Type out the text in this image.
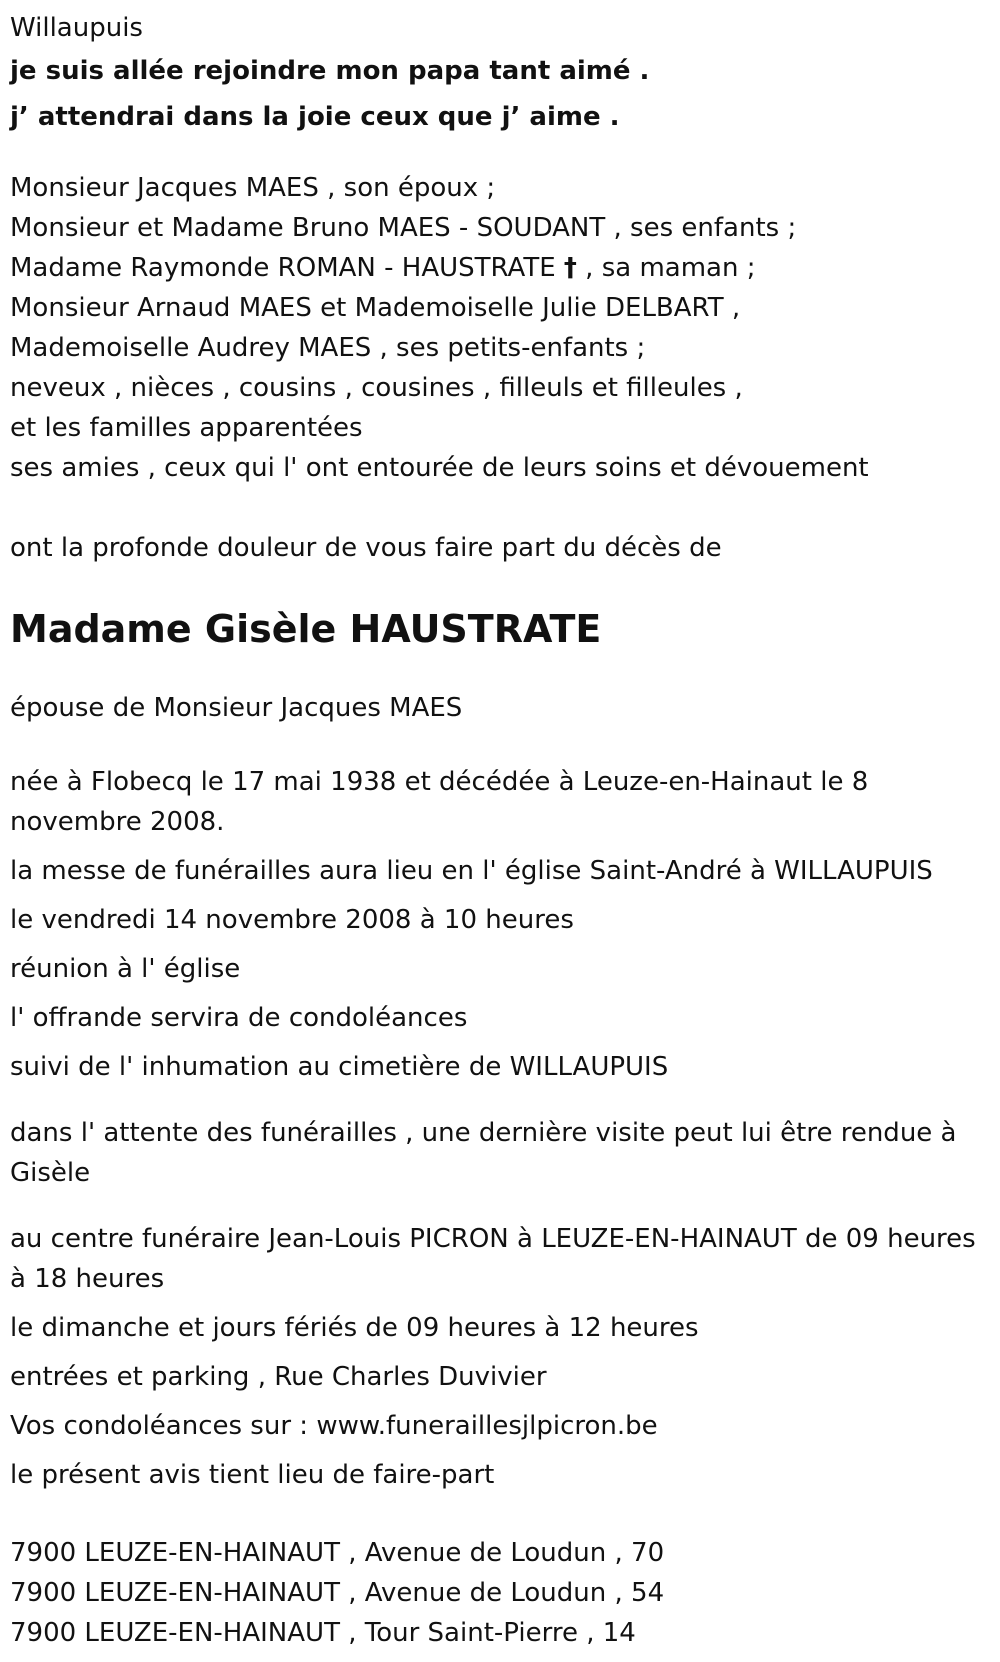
Willaupuis

je suis allée rejoindre mon papa tant aimé .

j’ attendrai dans la joie ceux que j’ aime .

Monsieur Jacques MAES , son époux ;

Monsieur et Madame Bruno MAES - SOUDANT , ses enfants ;

Madame Raymonde ROMAN - HAUSTRATE † , sa maman ;

Monsieur Arnaud MAES et Mademoiselle Julie DELBART ,

Mademoiselle Audrey MAES , ses petits-enfants ;

neveux , nièces , cousins , cousines , filleuls et filleules ,

et les familles apparentées

ses amies , ceux qui l' ont entourée de leurs soins et dévouement

ont la profonde douleur de vous faire part du décès de

Madame Gisèle HAUSTRATE

épouse de Monsieur Jacques MAES

née à Flobecq le 17 mai 1938 et décédée à Leuze-en-Hainaut le 8 novembre 2008.

la messe de funérailles aura lieu en l' église Saint-André à WILLAUPUIS

le vendredi 14 novembre 2008 à 10 heures

réunion à l' église

l' offrande servira de condoléances

suivi de l' inhumation au cimetière de WILLAUPUIS

dans l' attente des funérailles , une dernière visite peut lui être rendue à Gisèle

au centre funéraire Jean-Louis PICRON à LEUZE-EN-HAINAUT de 09 heures à 18 heures

le dimanche et jours fériés de 09 heures à 12 heures

entrées et parking , Rue Charles Duvivier

Vos condoléances sur : www.funeraillesjlpicron.be

le présent avis tient lieu de faire-part

7900 LEUZE-EN-HAINAUT , Avenue de Loudun , 70

7900 LEUZE-EN-HAINAUT , Avenue de Loudun , 54

7900 LEUZE-EN-HAINAUT , Tour Saint-Pierre , 14
